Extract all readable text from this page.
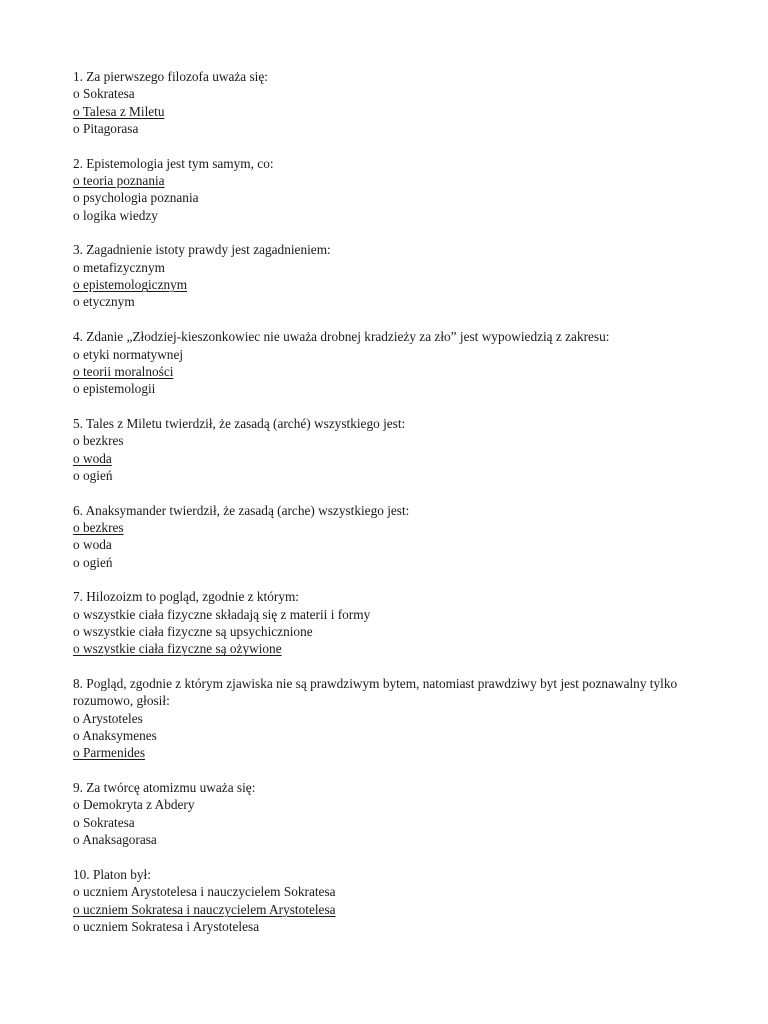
1. Za pierwszego filozofa uważa się:
o Sokratesa
o Talesa z Miletu
o Pitagorasa
2. Epistemologia jest tym samym, co:
o teoria poznania
o psychologia poznania
o logika wiedzy
3. Zagadnienie istoty prawdy jest zagadnieniem:
o metafizycznym
o epistemologicznym
o etycznym
4. Zdanie „Złodziej-kieszonkowiec nie uważa drobnej kradzieży za zło” jest wypowiedzią z zakresu:
o etyki normatywnej
o teorii moralności
o epistemologii
5. Tales z Miletu twierdził, że zasadą (arché) wszystkiego jest:
o bezkres
o woda
o ogień
6. Anaksymander twierdził, że zasadą (arche) wszystkiego jest:
o bezkres
o woda
o ogień
7. Hilozoizm to pogląd, zgodnie z którym:
o wszystkie ciała fizyczne składają się z materii i formy
o wszystkie ciała fizyczne są upsychicznione
o wszystkie ciała fizyczne są ożywione
8. Pogląd, zgodnie z którym zjawiska nie są prawdziwym bytem, natomiast prawdziwy byt jest poznawalny tylko rozumowo, głosił:
o Arystoteles
o Anaksymenes
o Parmenides
9. Za twórcę atomizmu uważa się:
o Demokryta z Abdery
o Sokratesa
o Anaksagorasa
10. Platon był:
o uczniem Arystotelesa i nauczycielem Sokratesa
o uczniem Sokratesa i nauczycielem Arystotelesa
o uczniem Sokratesa i Arystotelesa
